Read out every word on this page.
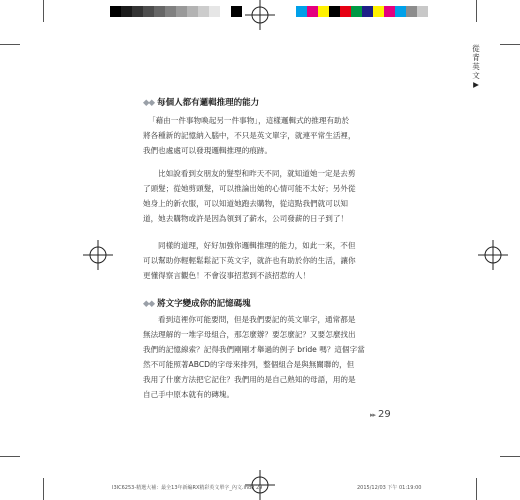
從背英文▶
◆◆ 每個人都有邏輯推理的能力
「藉由一件事物喚起另一件事物」，這樣邏輯式的推理有助於
將各種新的記憶納入腦中，不只是英文單字，就連平常生活裡，
我們也處處可以發現邏輯推理的痕跡。
比如說看到女朋友的髮型和昨天不同，就知道她一定是去剪
了頭髮；從她剪頭髮，可以推論出她的心情可能不太好；另外從
她身上的新衣服，可以知道她跑去購物，從這點我們就可以知
道，她去購物或許是因為領到了薪水，公司發薪的日子到了！
同樣的道理，好好加強你邏輯推理的能力，如此一來，不但
可以幫助你輕輕鬆鬆記下英文字，就許也有助於你的生活，讓你
更懂得察言觀色！不會沒事招惹到不該招惹的人！
◆◆ 將文字變成你的記憶碼塊
看到這裡你可能要問，但是我們要記的英文單字，通常都是
無法理解的一堆字母組合，那怎麼辦？要怎麼記？又要怎麼找出
我們的記憶線索？記得我們剛剛才舉過的例子 bride 嗎？這個字當
然不可能照著ABCD的字母來排列，整個組合是與無關聯的，但
我用了什麼方法把它記住？我們用的是自己熟知的母語，用的是
自己手中原本就有的磚塊。
▸▸ 29
I3IC6253-精選大補：最全13年新編RX精彩英文單字_內文.indd 29	2015/12/03 下午 01:19:00
